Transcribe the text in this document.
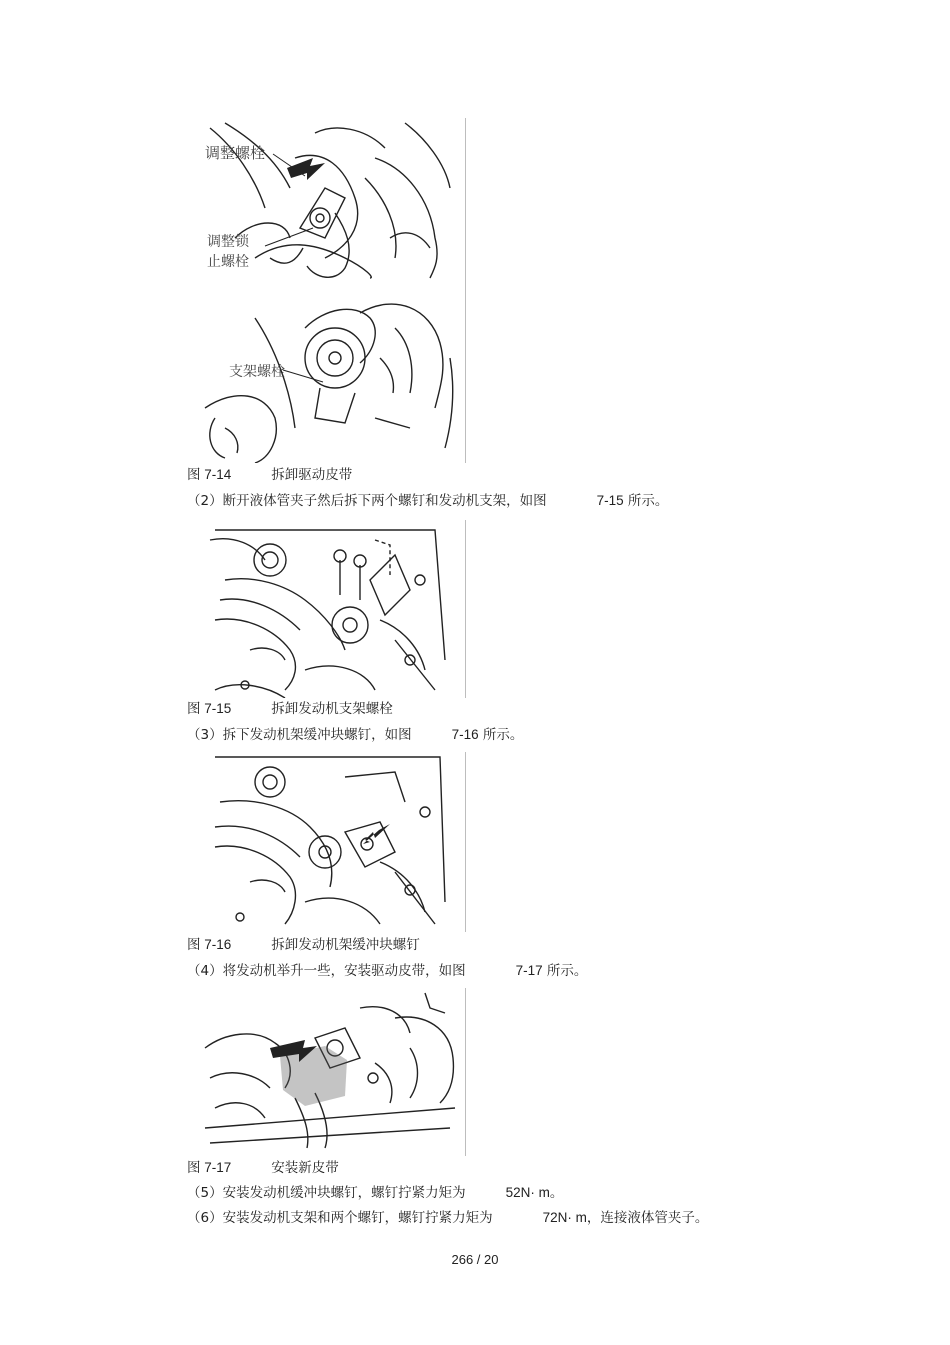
调整螺栓
调整锁
止螺栓
支架螺栓
图 7-14	拆卸驱动皮带
（2）断开液体管夹子然后拆下两个螺钉和发动机支架，如图	7-15 所示。
图 7-15	拆卸发动机支架螺栓
（3）拆下发动机架缓冲块螺钉，如图	7-16 所示。
图 7-16	拆卸发动机架缓冲块螺钉
（4）将发动机举升一些，安装驱动皮带，如图	7-17 所示。
图 7-17	安装新皮带
（5）安装发动机缓冲块螺钉，螺钉拧紧力矩为	52N· m。
（6）安装发动机支架和两个螺钉，螺钉拧紧力矩为	72N· m，连接液体管夹子。
266 / 20
